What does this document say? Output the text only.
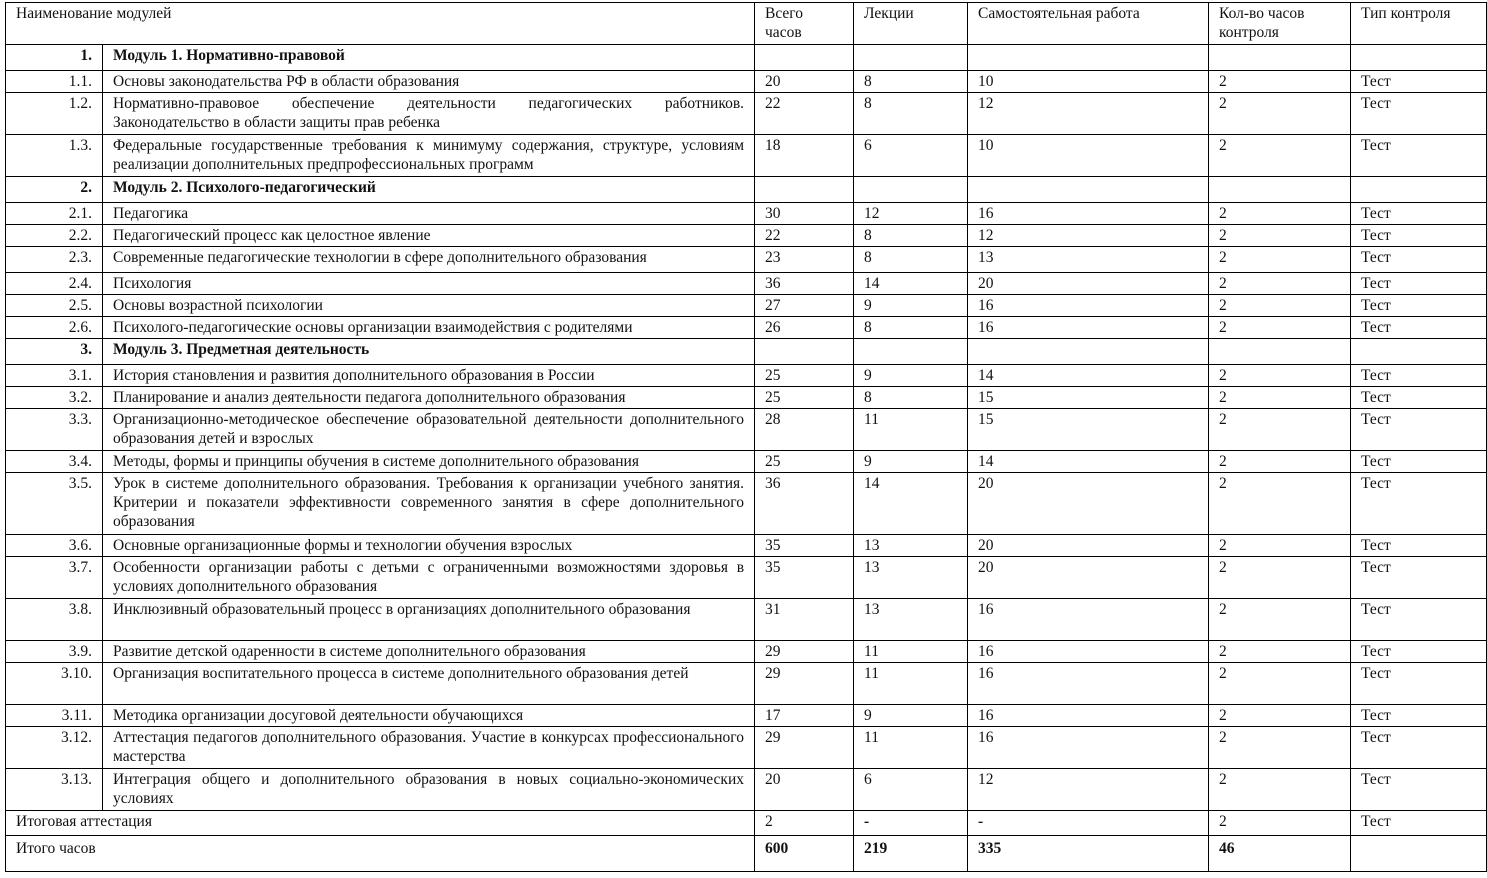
Наименование модулей		Всего часов	Лекции	Самостоятельная работа	Кол-во часов контроля	Тип контроля
1.	Модуль 1. Нормативно-правовой					
1.1.	Основы законодательства РФ в области образования	20	8	10	2	Тест
1.2.	Нормативно-правовое обеспечение деятельности педагогических работников. Законодательство в области защиты прав ребенка	22	8	12	2	Тест
1.3.	Федеральные государственные требования к минимуму содержания, структуре, условиям реализации дополнительных предпрофессиональных программ	18	6	10	2	Тест
2.	Модуль 2. Психолого-педагогический					
2.1.	Педагогика	30	12	16	2	Тест
2.2.	Педагогический процесс как целостное явление	22	8	12	2	Тест
2.3.	Современные педагогические технологии в сфере дополнительного образования	23	8	13	2	Тест
2.4.	Психология	36	14	20	2	Тест
2.5.	Основы возрастной психологии	27	9	16	2	Тест
2.6.	Психолого-педагогические основы организации взаимодействия с родителями	26	8	16	2	Тест
3.	Модуль 3. Предметная деятельность					
3.1.	История становления и развития дополнительного образования в России	25	9	14	2	Тест
3.2.	Планирование и анализ деятельности педагога дополнительного образования	25	8	15	2	Тест
3.3.	Организационно-методическое обеспечение образовательной деятельности дополнительного образования детей и взрослых	28	11	15	2	Тест
3.4.	Методы, формы и принципы обучения в системе дополнительного образования	25	9	14	2	Тест
3.5.	Урок в системе дополнительного образования. Требования к организации учебного занятия. Критерии и показатели эффективности современного занятия в сфере дополнительного образования	36	14	20	2	Тест
3.6.	Основные организационные формы и технологии обучения взрослых	35	13	20	2	Тест
3.7.	Особенности организации работы с детьми с ограниченными возможностями здоровья в условиях дополнительного образования	35	13	20	2	Тест
3.8.	Инклюзивный образовательный процесс в организациях дополнительного образования	31	13	16	2	Тест
3.9.	Развитие детской одаренности в системе дополнительного образования	29	11	16	2	Тест
3.10.	Организация воспитательного процесса в системе дополнительного образования детей	29	11	16	2	Тест
3.11.	Методика организации досуговой деятельности обучающихся	17	9	16	2	Тест
3.12.	Аттестация педагогов дополнительного образования. Участие в конкурсах профессионального мастерства	29	11	16	2	Тест
3.13.	Интеграция общего и дополнительного образования в новых социально-экономических условиях	20	6	12	2	Тест
Итоговая аттестация		2	-	-	2	Тест
Итого часов		600	219	335	46	
